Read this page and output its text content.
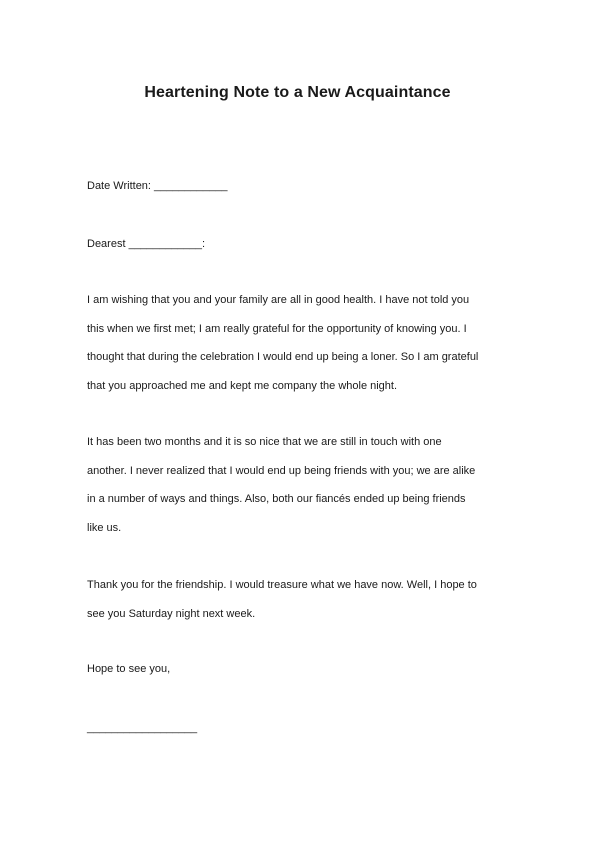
Heartening Note to a New Acquaintance
Date Written: ____________
Dearest ____________:

I am wishing that you and your family are all in good health. I have not told you

this when we first met; I am really grateful for the opportunity of knowing you. I

thought that during the celebration I would end up being a loner. So I am grateful

that you approached me and kept me company the whole night.

It has been two months and it is so nice that we are still in touch with one

another. I never realized that I would end up being friends with you; we are alike

in a number of ways and things. Also, both our fiancés ended up being friends

like us.

Thank you for the friendship. I would treasure what we have now. Well, I hope to

see you Saturday night next week.

Hope to see you,
__________________
